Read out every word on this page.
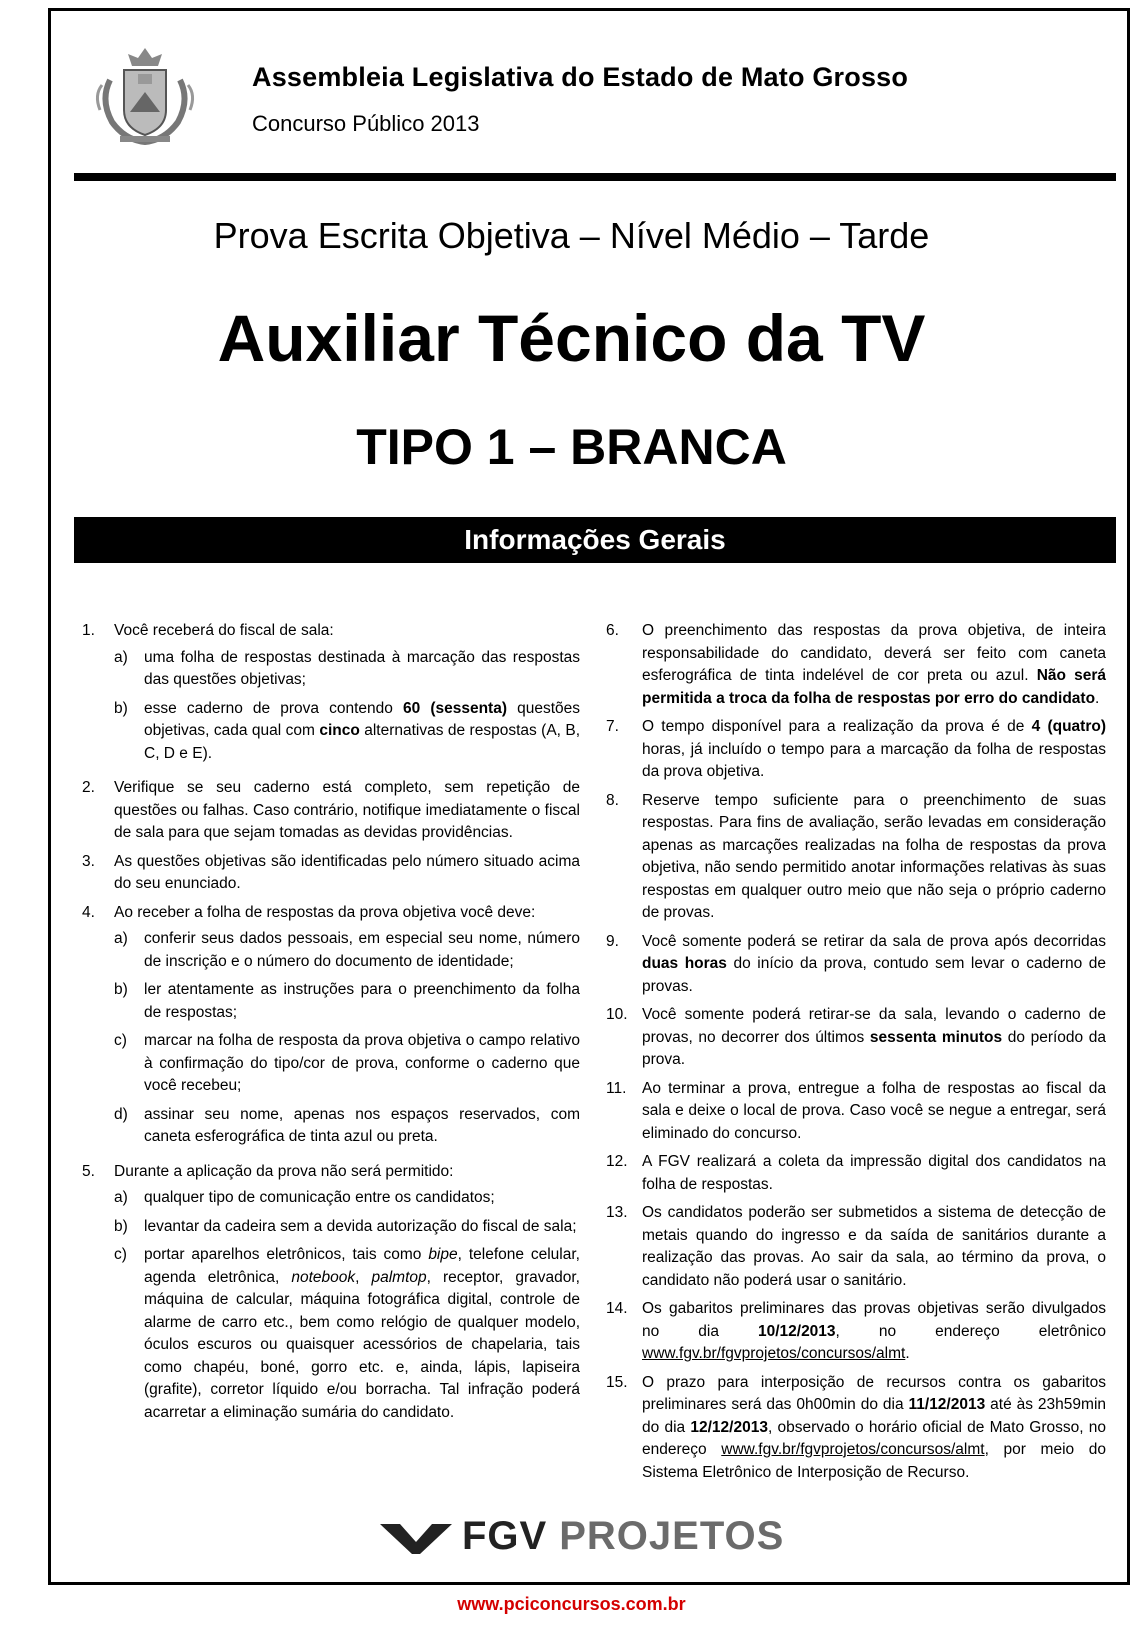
Assembleia Legislativa do Estado de Mato Grosso
Concurso Público 2013
Prova Escrita Objetiva – Nível Médio – Tarde
Auxiliar Técnico da TV
TIPO 1 – BRANCA
Informações Gerais
1.	Você receberá do fiscal de sala:
a)	uma folha de respostas destinada à marcação das respostas das questões objetivas;
b)	esse caderno de prova contendo 60 (sessenta) questões objetivas, cada qual com cinco alternativas de respostas (A, B, C, D e E).
2.	Verifique se seu caderno está completo, sem repetição de questões ou falhas. Caso contrário, notifique imediatamente o fiscal de sala para que sejam tomadas as devidas providências.
3.	As questões objetivas são identificadas pelo número situado acima do seu enunciado.
4.	Ao receber a folha de respostas da prova objetiva você deve:
a)	conferir seus dados pessoais, em especial seu nome, número de inscrição e o número do documento de identidade;
b)	ler atentamente as instruções para o preenchimento da folha de respostas;
c)	marcar na folha de resposta da prova objetiva o campo relativo à confirmação do tipo/cor de prova, conforme o caderno que você recebeu;
d)	assinar seu nome, apenas nos espaços reservados, com caneta esferográfica de tinta azul ou preta.
5.	Durante a aplicação da prova não será permitido:
a)	qualquer tipo de comunicação entre os candidatos;
b)	levantar da cadeira sem a devida autorização do fiscal de sala;
c)	portar aparelhos eletrônicos, tais como bipe, telefone celular, agenda eletrônica, notebook, palmtop, receptor, gravador, máquina de calcular, máquina fotográfica digital, controle de alarme de carro etc., bem como relógio de qualquer modelo, óculos escuros ou quaisquer acessórios de chapelaria, tais como chapéu, boné, gorro etc. e, ainda, lápis, lapiseira (grafite), corretor líquido e/ou borracha. Tal infração poderá acarretar a eliminação sumária do candidato.
6.	O preenchimento das respostas da prova objetiva, de inteira responsabilidade do candidato, deverá ser feito com caneta esferográfica de tinta indelével de cor preta ou azul. Não será permitida a troca da folha de respostas por erro do candidato.
7.	O tempo disponível para a realização da prova é de 4 (quatro) horas, já incluído o tempo para a marcação da folha de respostas da prova objetiva.
8.	Reserve tempo suficiente para o preenchimento de suas respostas. Para fins de avaliação, serão levadas em consideração apenas as marcações realizadas na folha de respostas da prova objetiva, não sendo permitido anotar informações relativas às suas respostas em qualquer outro meio que não seja o próprio caderno de provas.
9.	Você somente poderá se retirar da sala de prova após decorridas duas horas do início da prova, contudo sem levar o caderno de provas.
10. Você somente poderá retirar-se da sala, levando o caderno de provas, no decorrer dos últimos sessenta minutos do período da prova.
11.	Ao terminar a prova, entregue a folha de respostas ao fiscal da sala e deixe o local de prova. Caso você se negue a entregar, será eliminado do concurso.
12. A FGV realizará a coleta da impressão digital dos candidatos na folha de respostas.
13. Os candidatos poderão ser submetidos a sistema de detecção de metais quando do ingresso e da saída de sanitários durante a realização das provas. Ao sair da sala, ao término da prova, o candidato não poderá usar o sanitário.
14. Os gabaritos preliminares das provas objetivas serão divulgados no dia 10/12/2013, no endereço eletrônico www.fgv.br/fgvprojetos/concursos/almt.
15. O prazo para interposição de recursos contra os gabaritos preliminares será das 0h00min do dia 11/12/2013 até às 23h59min do dia 12/12/2013, observado o horário oficial de Mato Grosso, no endereço www.fgv.br/fgvprojetos/concursos/almt, por meio do Sistema Eletrônico de Interposição de Recurso.
FGV PROJETOS
www.pciconcursos.com.br
